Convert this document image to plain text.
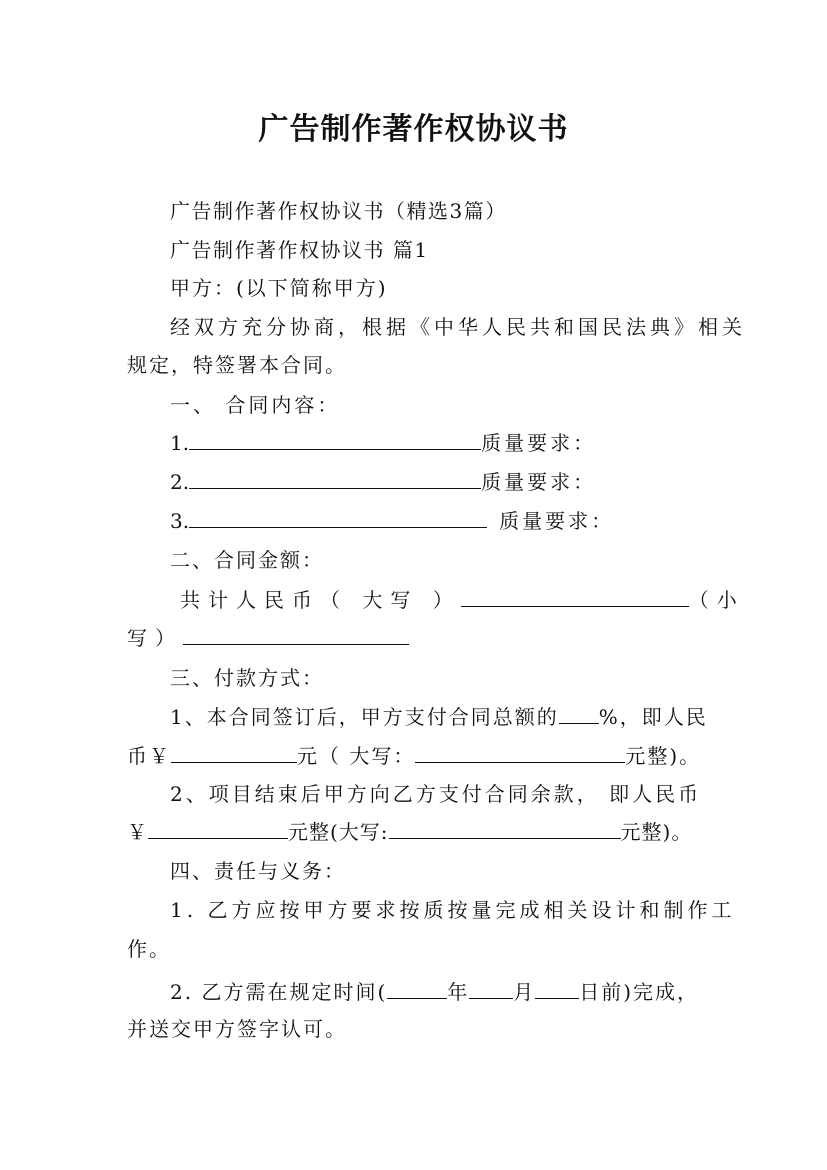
广告制作著作权协议书
广告制作著作权协议书（精选3篇）
广告制作著作权协议书 篇1
甲方：(以下简称甲方)
经双方充分协商，根据《中华人民共和国民法典》相关
规定，特签署本合同。
一、 合同内容：
1.	质量要求：
2.	质量要求：
3.	质量要求：
二、合同金额：
共计人民币（ 大写 ）	（小
写）
三、付款方式：
1、本合同签订后，甲方支付合同总额的 %，即人民
币￥	元（ 大写：	元整)。
2、项目结束后甲方向乙方支付合同余款， 即人民币
￥	元整(大写:	元整)。
四、责任与义务：
1. 乙方应按甲方要求按质按量完成相关设计和制作工
作。
2. 乙方需在规定时间(	年 月 日前)完成，
并送交甲方签字认可。
